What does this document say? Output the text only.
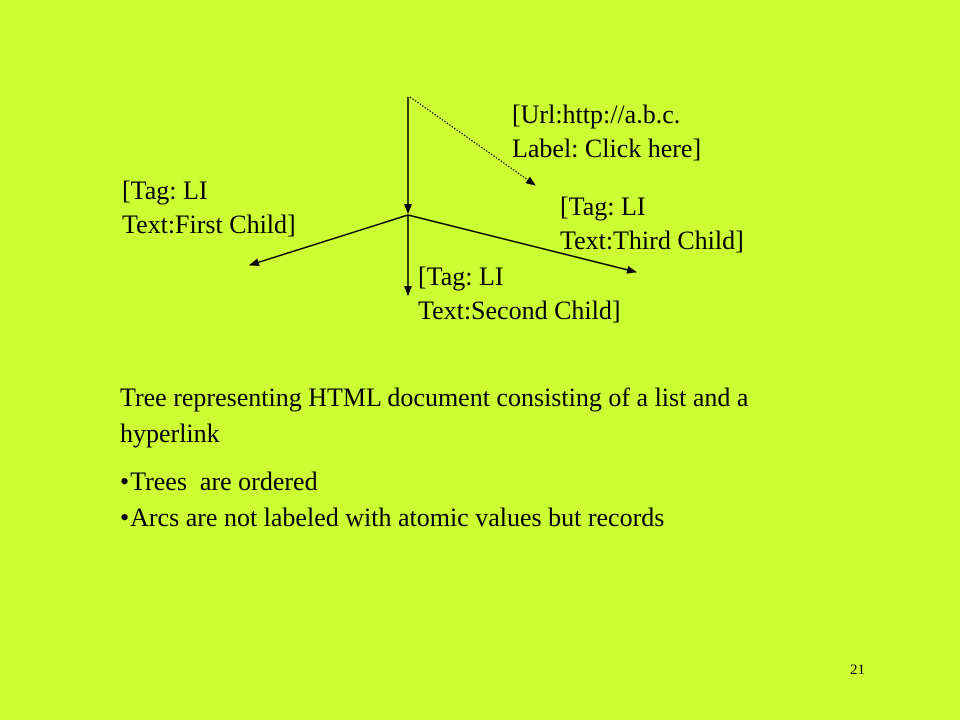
[Url:http://a.b.c.
Label: Click here]
[Tag: LI
Text:First Child]
[Tag: LI
Text:Third Child]
[Tag: LI
Text:Second Child]
Tree representing HTML document consisting of a list and a hyperlink
•Trees  are ordered
•Arcs are not labeled with atomic values but records
21
